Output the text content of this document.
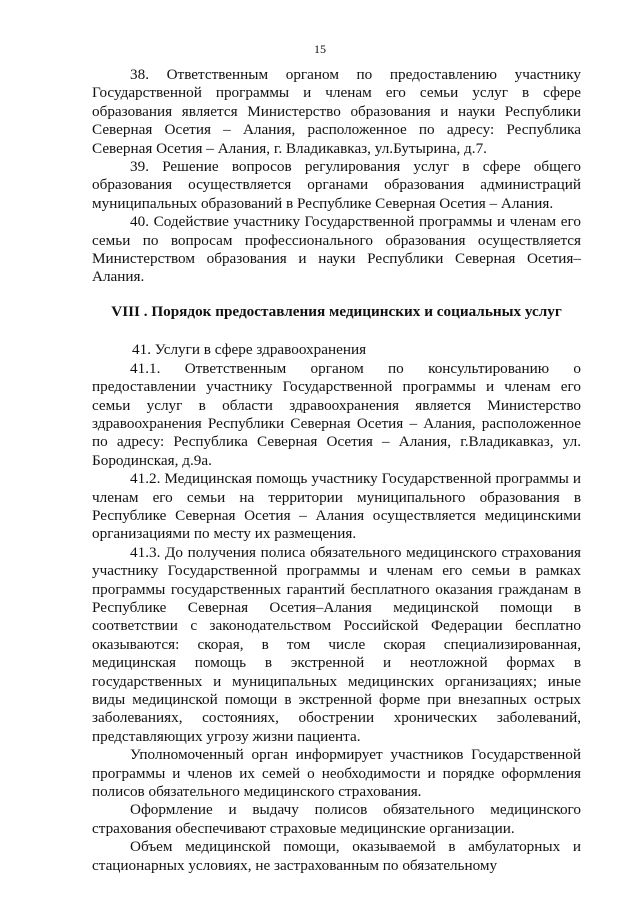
15

38. Ответственным органом по предоставлению участнику Государственной программы и членам его семьи услуг в сфере образования является Министерство образования и науки Республики Северная Осетия – Алания, расположенное по адресу: Республика Северная Осетия – Алания, г. Владикавказ, ул.Бутырина, д.7.

39. Решение вопросов регулирования услуг в сфере общего образования осуществляется органами образования администраций муниципальных образований в Республике Северная Осетия – Алания.

40. Содействие участнику Государственной программы и членам его семьи по вопросам профессионального образования осуществляется Министерством образования и науки Республики Северная Осетия–Алания.

VIII . Порядок предоставления медицинских и социальных услуг

41. Услуги в сфере здравоохранения

41.1. Ответственным органом по консультированию о предоставлении участнику Государственной программы и членам его семьи услуг в области здравоохранения является Министерство здравоохранения Республики Северная Осетия – Алания, расположенное по адресу: Республика Северная Осетия – Алания, г.Владикавказ, ул. Бородинская, д.9а.

41.2. Медицинская помощь участнику Государственной программы и членам его семьи на территории муниципального образования в Республике Северная Осетия – Алания осуществляется медицинскими организациями по месту их размещения.

41.3. До получения полиса обязательного медицинского страхования участнику Государственной программы и членам его семьи в рамках программы государственных гарантий бесплатного оказания гражданам в Республике Северная Осетия–Алания медицинской помощи в соответствии с законодательством Российской Федерации бесплатно оказываются: скорая, в том числе скорая специализированная, медицинская помощь в экстренной и неотложной формах в государственных и муниципальных медицинских организациях; иные виды медицинской помощи в экстренной форме при внезапных острых заболеваниях, состояниях, обострении хронических заболеваний, представляющих угрозу жизни пациента.

Уполномоченный орган информирует участников Государственной программы и членов их семей о необходимости и порядке оформления полисов обязательного медицинского страхования.

Оформление и выдачу полисов обязательного медицинского страхования обеспечивают страховые медицинские организации.

Объем медицинской помощи, оказываемой в амбулаторных и стационарных условиях, не застрахованным по обязательному
